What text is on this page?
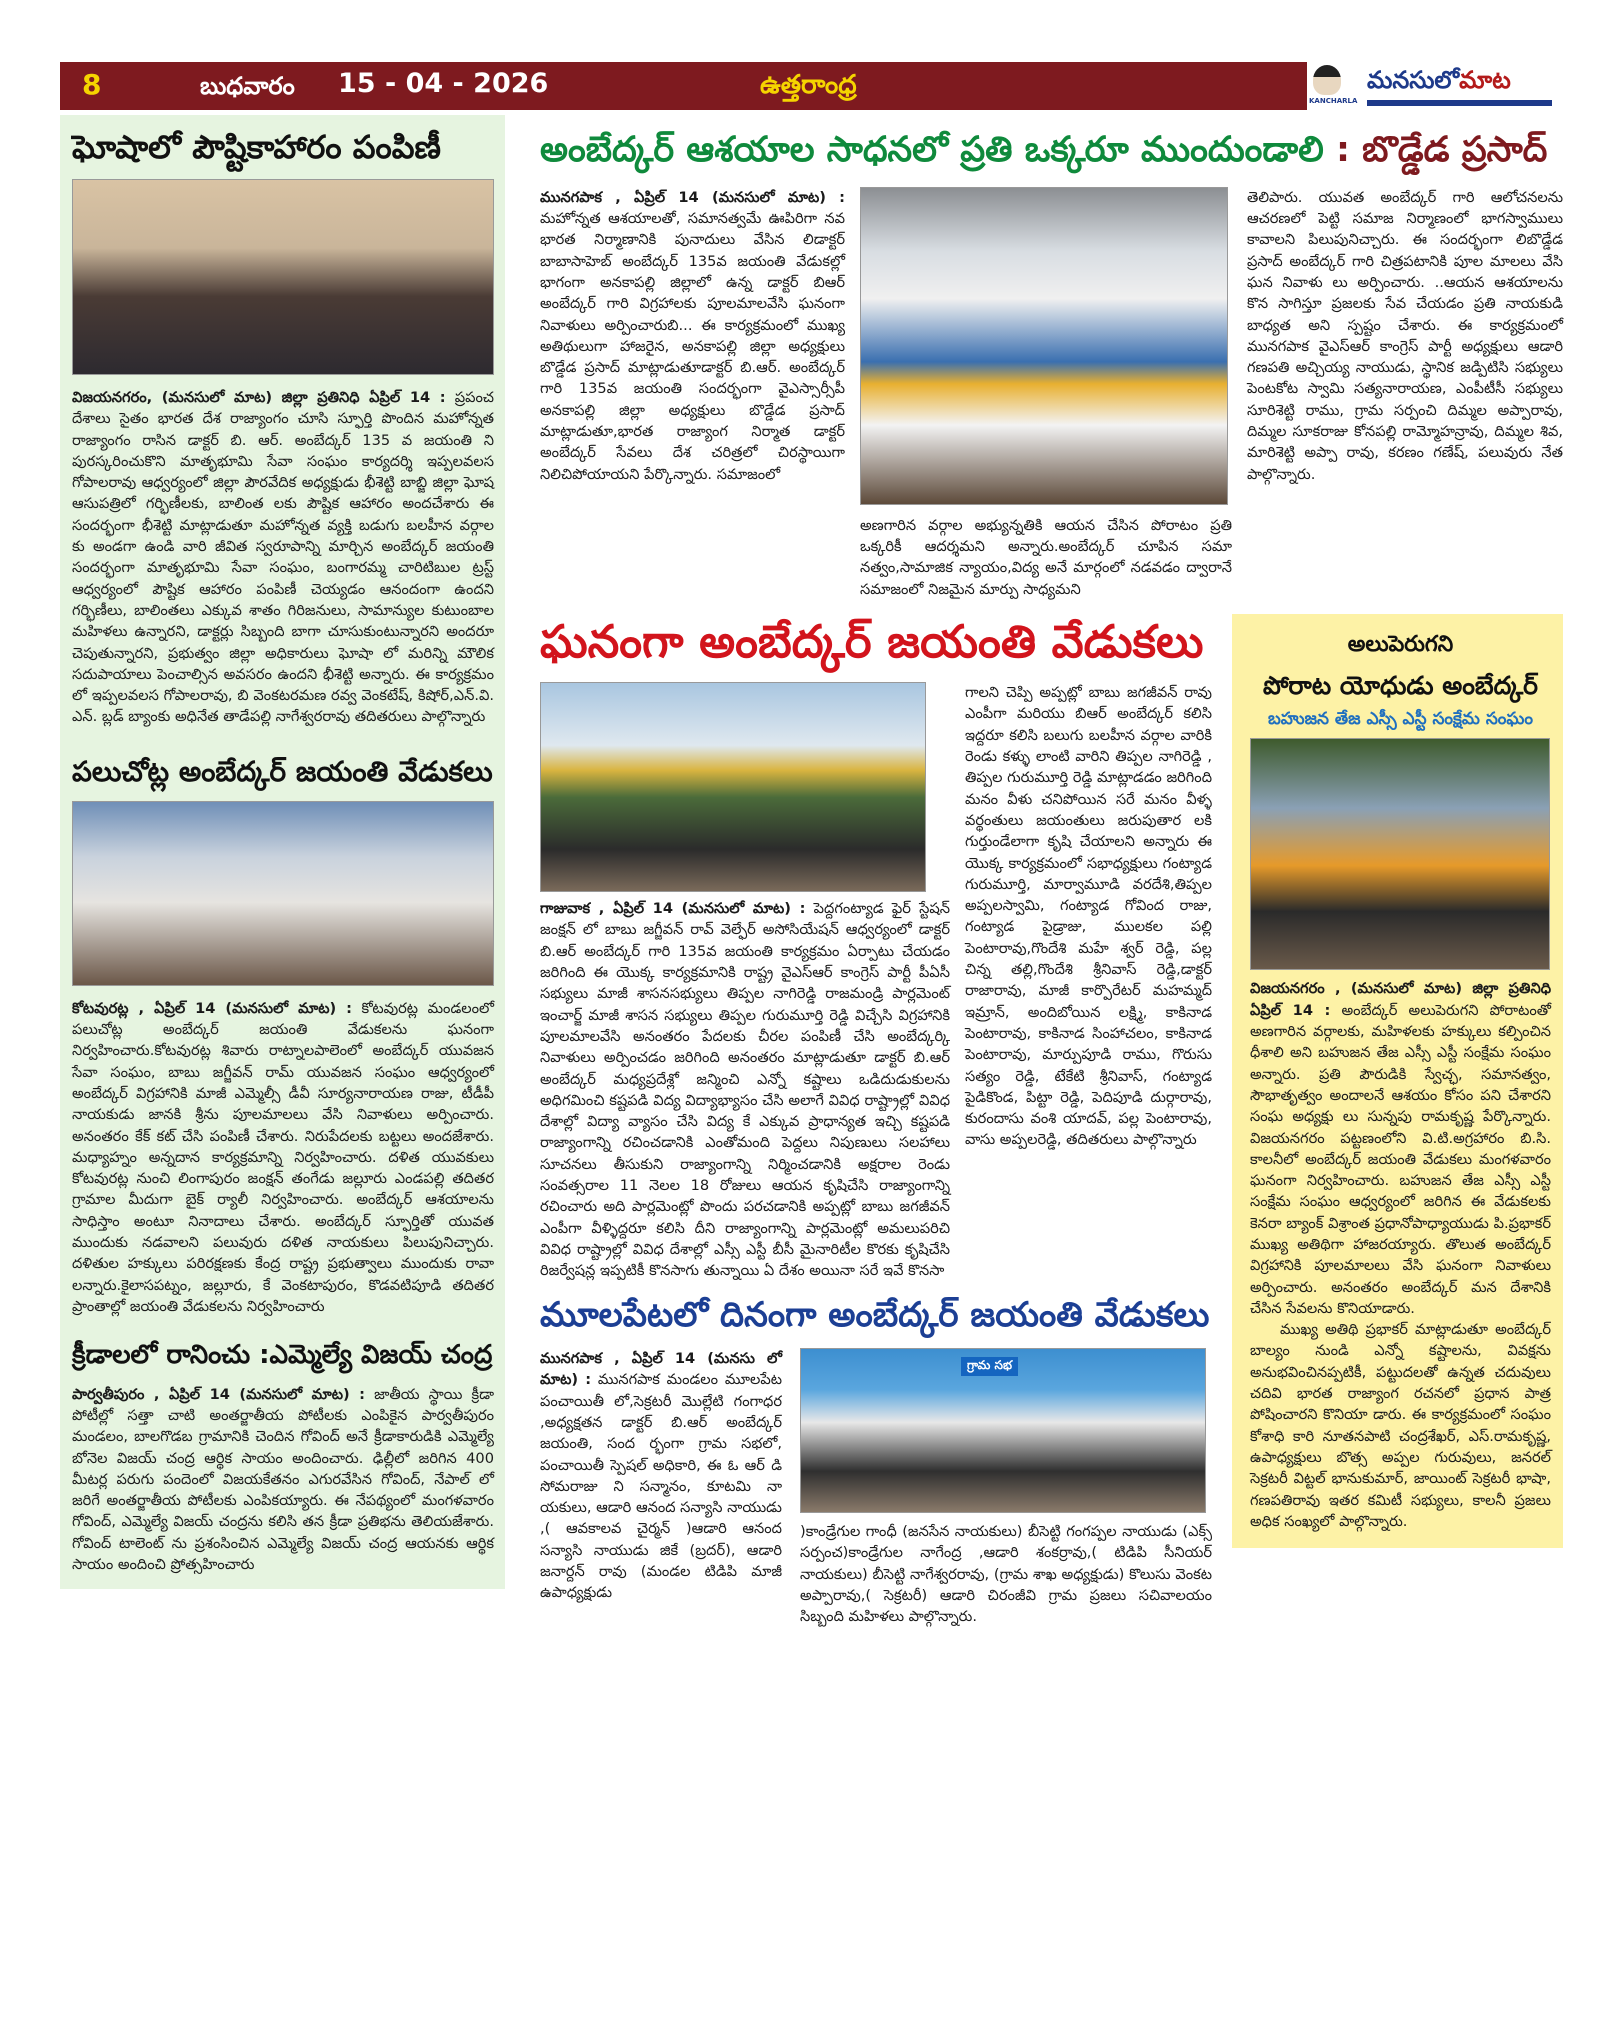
8	బుధవారం 15 - 04 - 2026	ఉత్తరాంధ్ర
KANCHARLA
మనసులోమాట
ఘోషాలో పౌష్టికాహారం పంపిణీ
విజయనగరం, (మనసులో మాట) జిల్లా ప్రతినిధి ఏప్రిల్ 14 : ప్రపంచ దేశాలు సైతం భారత దేశ రాజ్యాంగం చూసి స్ఫూర్తి పొందిన మహోన్నత రాజ్యాంగం రాసిన డాక్టర్ బి. ఆర్. అంబేద్కర్ 135 వ జయంతి ని పురస్కరించుకొని మాతృభూమి సేవా సంఘం కార్యదర్శి ఇప్పలవలస గోపాలరావు ఆధ్వర్యంలో జిల్లా పౌరవేదిక అధ్యక్షుడు భీశెట్టి బాబ్జి జిల్లా ఘోష ఆసుపత్రిలో గర్భిణీలకు, బాలింత లకు పౌష్టిక ఆహారం అందచేశారు ఈ సందర్భంగా భీశెట్టి మాట్లాడుతూ మహోన్నత వ్యక్తి బడుగు బలహీన వర్గాల కు అండగా ఉండి వారి జీవిత స్వరూపాన్ని మార్చిన అంబేద్కర్ జయంతి సందర్భంగా మాతృభూమి సేవా సంఘం, బంగారమ్మ చారిటిబుల ట్రస్ట్ ఆధ్వర్యంలో పౌష్టిక ఆహారం పంపిణీ చెయ్యడం ఆనందంగా ఉందని గర్భిణీలు, బాలింతలు ఎక్కువ శాతం గిరిజనులు, సామాన్యుల కుటుంబాల మహిళలు ఉన్నారని, డాక్టర్లు సిబ్బంది బాగా చూసుకుంటున్నారని అందరూ చెపుతున్నారని, ప్రభుత్వం జిల్లా అధికారులు ఘోషా లో మరిన్ని మౌలిక సదుపాయాలు పెంచాల్సిన అవసరం ఉందని భీశెట్టి అన్నారు. ఈ కార్యక్రమం లో ఇప్పలవలస గోపాలరావు, బి వెంకటరమణ రవ్వ వెంకటేష్, కిషోర్,ఎన్.వి. ఎన్. బ్లడ్ బ్యాంకు అధినేత తాడేపల్లి నాగేశ్వరరావు తదితరులు పాల్గొన్నారు
పలుచోట్ల అంబేద్కర్ జయంతి వేడుకలు
కోటవురట్ల , ఏప్రిల్ 14 (మనసులో మాట) : కోటవురట్ల మండలంలో పలుచోట్ల అంబేద్కర్ జయంతి వేడుకలను ఘనంగా నిర్వహించారు.కోటవురట్ల శివారు రాట్నాలపాలెంలో అంబేద్కర్ యువజన సేవా సంఘం, బాబు జగ్జీవన్ రామ్ యువజన సంఘం ఆధ్వర్యంలో అంబేద్కర్ విగ్రహానికి మాజీ ఎమ్మెల్సీ డీవీ సూర్యనారాయణ రాజు, టీడీపీ నాయకుడు జానకి శ్రీను పూలమాలలు వేసి నివాళులు అర్పించారు. అనంతరం కేక్ కట్ చేసి పంపిణీ చేశారు. నిరుపేదలకు బట్టలు అందజేశారు. మధ్యాహ్నం అన్నదాన కార్యక్రమాన్ని నిర్వహించారు. దళిత యువకులు కోటవురట్ల నుంచి లింగాపురం జంక్షన్ తంగేడు జల్లూరు ఎండపల్లి తదితర గ్రామాల మీదుగా బైక్ ర్యాలీ నిర్వహించారు. అంబేద్కర్ ఆశయాలను సాధిస్తాం అంటూ నినాదాలు చేశారు. అంబేద్కర్ స్ఫూర్తితో యువత ముందుకు నడవాలని పలువురు దళిత నాయకులు పిలుపునిచ్చారు. దళితుల హక్కులు పరిరక్షణకు కేంద్ర రాష్ట్ర ప్రభుత్వాలు ముందుకు రావా లన్నారు.కైలాసపట్నం, జల్లూరు, కే వెంకటాపురం, కొడవటిపూడి తదితర ప్రాంతాల్లో జయంతి వేడుకలను నిర్వహించారు
క్రీడాలలో రానించు :ఎమ్మెల్యే విజయ్ చంద్ర
పార్వతీపురం , ఏప్రిల్ 14 (మనసులో మాట) : జాతీయ స్థాయి క్రీడా పోటీల్లో సత్తా చాటి అంతర్జాతీయ పోటీలకు ఎంపికైన పార్వతీపురం మండలం, బాలగొడబ గ్రామానికి చెందిన గోవింద్ అనే క్రీడాకారుడికి ఎమ్మెల్యే బోనెల విజయ్ చంద్ర ఆర్థిక సాయం అందించారు. ఢిల్లీలో జరిగిన 400 మీటర్ల పరుగు పందెంలో విజయకేతనం ఎగురవేసిన గోవింద్, నేపాల్ లో జరిగే అంతర్జాతీయ పోటీలకు ఎంపికయ్యారు. ఈ నేపథ్యంలో మంగళవారం గోవింద్, ఎమ్మెల్యే విజయ్ చంద్రను కలిసి తన క్రీడా ప్రతిభను తెలియజేశారు. గోవింద్ టాలెంట్ ను ప్రశంసించిన ఎమ్మెల్యే విజయ్ చంద్ర ఆయనకు ఆర్థిక సాయం అందించి ప్రోత్సహించారు
అంబేద్కర్ ఆశయాల సాధనలో ప్రతి ఒక్కరూ ముందుండాలి : బొడ్డేడ ప్రసాద్
మునగపాక , ఏప్రిల్ 14 (మనసులో మాట) : మహోన్నత ఆశయాలతో, సమానత్వమే ఊపిరిగా నవ భారత నిర్మాణానికి పునాదులు వేసిన లిడాక్టర్ బాబాసాహెబ్ అంబేద్కర్ 135వ జయంతి వేడుకల్లో భాగంగా అనకాపల్లి జిల్లాలో ఉన్న డాక్టర్ బిఆర్ అంబేద్కర్ గారి విగ్రహాలకు పూలమాలవేసి ఘనంగా నివాళులు అర్పించారుబి... ఈ కార్యక్రమంలో ముఖ్య అతిథులుగా హాజరైన, అనకాపల్లి జిల్లా అధ్యక్షులు బొడ్డేడ ప్రసాద్ మాట్లాడుతూడాక్టర్ బి.ఆర్. అంబేద్కర్ గారి 135వ జయంతి సందర్భంగా వైఎస్సార్సీపీ అనకాపల్లి జిల్లా అధ్యక్షులు బొడ్డేడ ప్రసాద్ మాట్లాడుతూ,భారత రాజ్యాంగ నిర్మాత డాక్టర్ అంబేద్కర్ సేవలు దేశ చరిత్రలో చిరస్థాయిగా నిలిచిపోయాయని పేర్కొన్నారు. సమాజంలో
అణగారిన వర్గాల అభ్యున్నతికి ఆయన చేసిన పోరాటం ప్రతి ఒక్కరికీ ఆదర్శమని అన్నారు.అంబేద్కర్ చూపిన సమా నత్వం,సామాజిక న్యాయం,విద్య అనే మార్గంలో నడవడం ద్వారానే సమాజంలో నిజమైన మార్పు సాధ్యమని
తెలిపారు. యువత అంబేద్కర్ గారి ఆలోచనలను ఆచరణలో పెట్టి సమాజ నిర్మాణంలో భాగస్వాములు కావాలని పిలుపునిచ్చారు. ఈ సందర్భంగా లిబొడ్డేడ ప్రసాద్ అంబేద్కర్ గారి చిత్రపటానికి పూల మాలలు వేసి ఘన నివాళు లు అర్పించారు. ..ఆయన ఆశయాలను కొన సాగిస్తూ ప్రజలకు సేవ చేయడం ప్రతి నాయకుడి బాధ్యత అని స్పష్టం చేశారు. ఈ కార్యక్రమంలో మునగపాక వైఎస్ఆర్ కాంగ్రెస్ పార్టీ అధ్యక్షులు ఆడారి గణపతి అచ్చియ్య నాయుడు, స్థానిక జడ్పిటిసి సభ్యులు పెంటకోట స్వామి సత్యనారాయణ, ఎంపీటీసీ సభ్యులు సూరిశెట్టి రాము, గ్రామ సర్పంచి దిమ్మల అప్పారావు, దిమ్మల సూకరాజు కోనపల్లి రామ్మోహన్రావు, దిమ్మల శివ, మారిశెట్టి అప్పా రావు, కరణం గణేష్, పలువురు నేత పాల్గొన్నారు.
ఘనంగా అంబేద్కర్ జయంతి వేడుకలు
గాజువాక , ఏప్రిల్ 14 (మనసులో మాట) : పెద్దగంట్యాడ ఫైర్ స్టేషన్ జంక్షన్ లో బాబు జగ్జీవన్ రావ్ వెల్ఫేర్ అసోసియేషన్ ఆధ్వర్యంలో డాక్టర్ బి.ఆర్ అంబేద్కర్ గారి 135వ జయంతి కార్యక్రమం ఏర్పాటు చేయడం జరిగింది ఈ యొక్క కార్యక్రమానికి రాష్ట్ర వైఎస్ఆర్ కాంగ్రెస్ పార్టీ పీఏసీ సభ్యులు మాజీ శాసనసభ్యులు తిప్పల నాగిరెడ్డి రాజమండ్రి పార్లమెంట్ ఇంచార్జ్ మాజీ శాసన సభ్యులు తిప్పల గురుమూర్తి రెడ్డి విచ్చేసి విగ్రహానికి పూలమాలవేసి అనంతరం పేదలకు చీరల పంపిణీ చేసి అంబేద్కర్కి నివాళులు అర్పించడం జరిగింది అనంతరం మాట్లాడుతూ డాక్టర్ బి.ఆర్ అంబేద్కర్ మధ్యప్రదేశ్లో జన్మించి ఎన్నో కష్టాలు ఒడిదుడుకులను అధిగమించి కష్టపడి విద్య విద్యాభ్యాసం చేసి అలాగే వివిధ రాష్ట్రాల్లో వివిధ దేశాల్లో విద్యా వ్యాసం చేసి విద్య కే ఎక్కువ ప్రాధాన్యత ఇచ్చి కష్టపడి రాజ్యాంగాన్ని రచించడానికి ఎంతోమంది పెద్దలు నిపుణులు సలహాలు సూచనలు తీసుకుని రాజ్యాంగాన్ని నిర్మించడానికి అక్షరాల రెండు సంవత్సరాల 11 నెలల 18 రోజులు ఆయన కృషిచేసి రాజ్యాంగాన్ని రచించారు అది పార్లమెంట్లో పొందు పరచడానికి అప్పట్లో బాబు జగజీవన్ ఎంపీగా వీళ్ళిద్దరూ కలిసి దీని రాజ్యాంగాన్ని పార్లమెంట్లో అమలుపరిచి వివిధ రాష్ట్రాల్లో వివిధ దేశాల్లో ఎస్సీ ఎస్టీ బీసీ మైనారిటీల కొరకు కృషిచేసి రిజర్వేషన్ల ఇప్పటికీ కొనసాగు తున్నాయి ఏ దేశం అయినా సరే ఇవే కొనసా
గాలని చెప్పి అప్పట్లో బాబు జగజీవన్ రావు ఎంపీగా మరియు బిఆర్ అంబేద్కర్ కలిసి ఇద్దరూ కలిసి బలుగు బలహీన వర్గాల వారికి రెండు కళ్ళు లాంటి వారిని తిప్పల నాగిరెడ్డి , తిప్పల గురుమూర్తి రెడ్డి మాట్లాడడం జరిగింది మనం వీళు చనిపోయిన సరే మనం వీళ్ళ వర్థంతులు జయంతులు జరుపుతార లకి గుర్తుండేలాగా కృషి చేయాలని అన్నారు ఈ యొక్క కార్యక్రమంలో సభాధ్యక్షులు గంట్యాడ గురుమూర్తి, మార్వామూడి వరదేశి,తిప్పల అప్పలస్వామి, గంట్యాడ గోవింద రాజు, గంట్యాడ పైడ్రాజు, ములకల పల్లి పెంటారావు,గొందేశి మహే శ్వర్ రెడ్డి, పల్ల చిన్న తల్లి,గొందేశి శ్రీనివాస్ రెడ్డి,డాక్టర్ రాజారావు, మాజీ కార్పొరేటర్ మహమ్మద్ ఇమ్రాన్, అందిబోయిన లక్ష్మి, కాకినాడ పెంటారావు, కాకినాడ సింహాచలం, కాకినాడ పెంటారావు, మార్పుపూడి రాము, గొరుసు సత్యం రెడ్డి, టేకేటి శ్రీనివాస్, గంట్యాడ పైడికొండ, పిట్టా రెడ్డి, పెదిపూడి దుర్గారావు, కురందాసు వంశి యాదవ్, పల్ల పెంటారావు, వాసు అప్పలరెడ్డి, తదితరులు పాల్గొన్నారు
మూలపేటలో దినంగా అంబేద్కర్ జయంతి వేడుకలు
మునగపాక , ఏప్రిల్ 14 (మనసు లో మాట) : మునగపాక మండలం మూలపేట పంచాయితీ లో,సెక్రటరీ మొల్లేటి గంగాధర ,అధ్యక్షతన డాక్టర్ బి.ఆర్ అంబేద్కర్ జయంతి, సంద ర్భంగా గ్రామ సభలో, పంచాయితీ స్పెషల్ అధికారి, ఈ ఓ ఆర్ డి సోమరాజు ని సన్మానం, కూటమి నా యకులు, ఆడారి ఆనంద సన్యాసి నాయుడు ,( ఆవకాలవ చైర్మన్ )ఆడారి ఆనంద సన్యాసి నాయుడు జికే (బ్రదర్), ఆడారి జనార్దన్ రావు (మండల టిడిపి మాజీ ఉపాధ్యక్షుడు
గ్రామ సభ
)కాండ్రేగుల గాంధీ (జనసేన నాయకులు) బీసెట్టి గంగప్పల నాయుడు (ఎక్స్ సర్పంచ)కాండ్రేగుల నాగేంద్ర ,ఆడారి శంకర్రావు,( టిడిపి సీనియర్ నాయకులు) బీసెట్టి నాగేశ్వరరావు, (గ్రామ శాఖ అధ్యక్షుడు) కొలుసు వెంకట అప్పారావు,( సెక్రటరీ) ఆడారి చిరంజీవి గ్రామ ప్రజలు సచివాలయం సిబ్బంది మహిళలు పాల్గొన్నారు.
అలుపెరుగని
పోరాట యోధుడు అంబేద్కర్
బహుజన తేజ ఎస్సీ ఎస్టీ సంక్షేమ సంఘం
విజయనగరం , (మనసులో మాట) జిల్లా ప్రతినిధి ఏప్రిల్ 14 : అంబేద్కర్ అలుపెరుగని పోరాటంతో అణగారిన వర్గాలకు, మహిళలకు హక్కులు కల్పించిన ధీశాలి అని బహుజన తేజ ఎస్సీ ఎస్టీ సంక్షేమ సంఘం అన్నారు. ప్రతి పౌరుడికి స్వేచ్ఛ, సమానత్వం, సౌభాతృత్వం అందాలనే ఆశయం కోసం పని చేశారని సంఘ అధ్యక్షు లు సున్నపు రామకృష్ణ పేర్కొన్నారు. విజయనగరం పట్టణంలోని వి.టి.అగ్రహారం బి.సి. కాలనీలో అంబేద్కర్ జయంతి వేడుకలు మంగళవారం ఘనంగా నిర్వహించారు. బహుజన తేజ ఎస్సీ ఎస్టీ సంక్షేమ సంఘం ఆధ్వర్యంలో జరిగిన ఈ వేడుకలకు కెనరా బ్యాంక్ విశ్రాంత ప్రధానోపాధ్యాయుడు పి.ప్రభాకర్ ముఖ్య అతిథిగా హాజరయ్యారు. తొలుత అంబేద్కర్ విగ్రహానికి పూలమాలలు వేసి ఘనంగా నివాళులు అర్పించారు. అనంతరం అంబేద్కర్ మన దేశానికి చేసిన సేవలను కొనియాడారు.
ముఖ్య అతిథి ప్రభాకర్ మాట్లాడుతూ అంబేద్కర్ బాల్యం నుండి ఎన్నో కష్టాలను, వివక్షను అనుభవించినప్పటికీ, పట్టుదలతో ఉన్నత చదువులు చదివి భారత రాజ్యాంగ రచనలో ప్రధాన పాత్ర పోషించారని కొనియా డారు. ఈ కార్యక్రమంలో సంఘం కోశాధి కారి నూతనపాటి చంద్రశేఖర్, ఎస్.రామకృష్ణ, ఉపాధ్యక్షులు బొత్స అప్పల గురువులు, జనరల్ సెక్రటరీ విట్టల్ భానుకుమార్, జాయింట్ సెక్రటరీ భాషా, గణపతిరావు ఇతర కమిటీ సభ్యులు, కాలనీ ప్రజలు అధిక సంఖ్యలో పాల్గొన్నారు.
